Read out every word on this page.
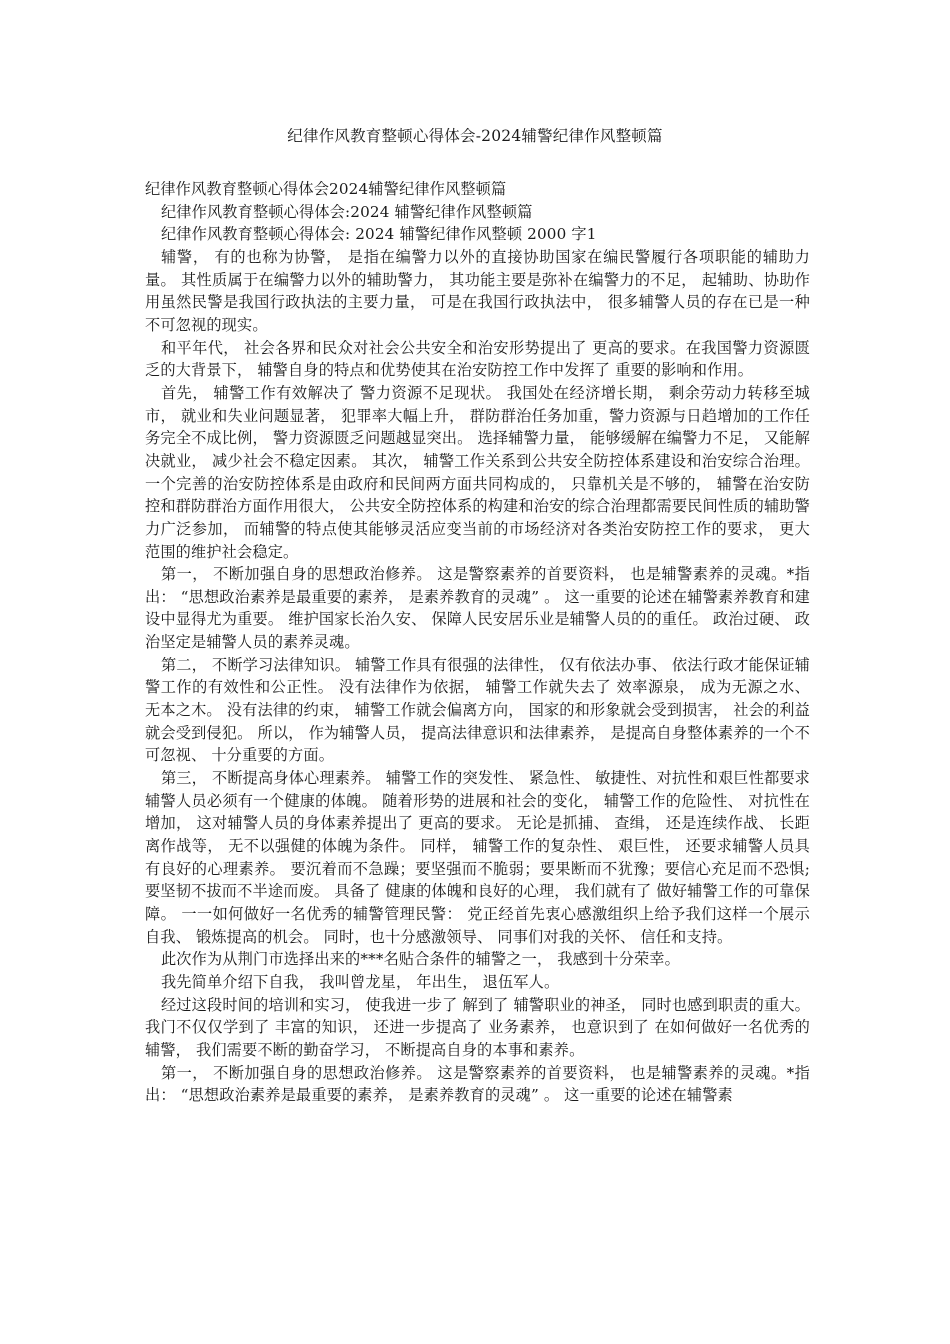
纪律作风教育整顿心得体会-2024辅警纪律作风整顿篇

纪律作风教育整顿心得体会2024辅警纪律作风整顿篇

纪律作风教育整顿心得体会:2024 辅警纪律作风整顿篇

纪律作风教育整顿心得体会: 2024 辅警纪律作风整顿 2000 字1

辅警， 有的也称为协警， 是指在编警力以外的直接协助国家在编民警履行各项职能的辅助力量。 其性质属于在编警力以外的辅助警力， 其功能主要是弥补在编警力的不足， 起辅助、协助作用虽然民警是我国行政执法的主要力量， 可是在我国行政执法中， 很多辅警人员的存在已是一种不可忽视的现实。

和平年代， 社会各界和民众对社会公共安全和治安形势提出了 更高的要求。在我国警力资源匮乏的大背景下， 辅警自身的特点和优势使其在治安防控工作中发挥了 重要的影响和作用。

首先， 辅警工作有效解决了 警力资源不足现状。 我国处在经济增长期， 剩余劳动力转移至城市， 就业和失业问题显著， 犯罪率大幅上升， 群防群治任务加重，警力资源与日趋增加的工作任务完全不成比例， 警力资源匮乏问题越显突出。 选择辅警力量， 能够缓解在编警力不足， 又能解决就业， 减少社会不稳定因素。 其次， 辅警工作关系到公共安全防控体系建设和治安综合治理。 一个完善的治安防控体系是由政府和民间两方面共同构成的， 只靠机关是不够的， 辅警在治安防控和群防群治方面作用很大， 公共安全防控体系的构建和治安的综合治理都需要民间性质的辅助警力广泛参加， 而辅警的特点使其能够灵活应变当前的市场经济对各类治安防控工作的要求， 更大范围的维护社会稳定。

第一， 不断加强自身的思想政治修养。 这是警察素养的首要资料， 也是辅警素养的灵魂。*指出： “思想政治素养是最重要的素养， 是素养教育的灵魂” 。 这一重要的论述在辅警素养教育和建设中显得尤为重要。 维护国家长治久安、 保障人民安居乐业是辅警人员的的重任。 政治过硬、 政治坚定是辅警人员的素养灵魂。

第二， 不断学习法律知识。 辅警工作具有很强的法律性， 仅有依法办事、 依法行政才能保证辅警工作的有效性和公正性。 没有法律作为依据， 辅警工作就失去了 效率源泉， 成为无源之水、 无本之木。 没有法律的约束， 辅警工作就会偏离方向， 国家的和形象就会受到损害， 社会的利益就会受到侵犯。 所以， 作为辅警人员， 提高法律意识和法律素养， 是提高自身整体素养的一个不可忽视、 十分重要的方面。

第三， 不断提高身体心理素养。 辅警工作的突发性、 紧急性、 敏捷性、对抗性和艰巨性都要求辅警人员必须有一个健康的体魄。 随着形势的进展和社会的变化， 辅警工作的危险性、 对抗性在增加， 这对辅警人员的身体素养提出了 更高的要求。 无论是抓捕、 查缉， 还是连续作战、 长距离作战等， 无不以强健的体魄为条件。 同样， 辅警工作的复杂性、 艰巨性， 还要求辅警人员具有良好的心理素养。 要沉着而不急躁；要坚强而不脆弱；要果断而不犹豫；要信心充足而不恐惧;要坚韧不拔而不半途而废。 具备了 健康的体魄和良好的心理， 我们就有了 做好辅警工作的可靠保障。 一一如何做好一名优秀的辅警管理民警： 党正经首先衷心感激组织上给予我们这样一个展示自我、 锻炼提高的机会。 同时，也十分感激领导、 同事们对我的关怀、 信任和支持。

此次作为从荆门市选择出来的***名贴合条件的辅警之一， 我感到十分荣幸。

我先简单介绍下自我， 我叫曾龙星， 年出生， 退伍军人。

经过这段时间的培训和实习， 使我进一步了 解到了 辅警职业的神圣， 同时也感到职责的重大。 我门不仅仅学到了 丰富的知识， 还进一步提高了 业务素养， 也意识到了 在如何做好一名优秀的辅警， 我们需要不断的勤奋学习， 不断提高自身的本事和素养。

第一， 不断加强自身的思想政治修养。 这是警察素养的首要资料， 也是辅警素养的灵魂。*指出： “思想政治素养是最重要的素养， 是素养教育的灵魂” 。 这一重要的论述在辅警素
